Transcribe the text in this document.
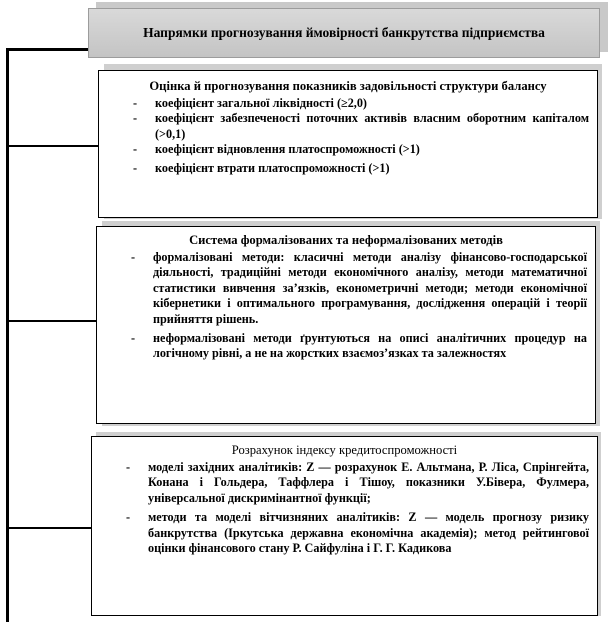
Напрямки прогнозування ймовірності банкрутства підприємства

Оцінка й прогнозування показників задовільності структури балансу

- коефіцієнт загальної ліквідності (≥2,0)
- коефіцієнт забезпеченості поточних активів власним оборотним капіталом (>0,1)
- коефіцієнт відновлення платоспроможності (>1)
- коефіцієнт втрати платоспроможності (>1)

Система формалізованих та неформалізованих методів

- формалізовані методи: класичні методи аналізу фінансово-господарської діяльності, традиційні методи економічного аналізу, методи математичної статистики вивчення за’язків, економетричні методи; методи економічної кібернетики і оптимального програмування, дослідження операцій і теорії прийняття рішень.
- неформалізовані методи ґрунтуються на описі аналітичних процедур на логічному рівні, а не на жорстких взаємоз’язках та залежностях

Розрахунок індексу кредитоспроможності

- моделі західних аналітиків: Z — розрахунок Е. Альтмана, Р. Ліса, Спрінгейта, Конана і Гольдера, Таффлера і Тішоу, показники У.Бівера, Фулмера, універсальної дискримінантної функції;
- методи та моделі вітчизняних аналітиків: Z — модель прогнозу ризику банкрутства (Іркутська державна економічна академія); метод рейтингової оцінки фінансового стану Р. Сайфуліна і Г. Г. Кадикова
